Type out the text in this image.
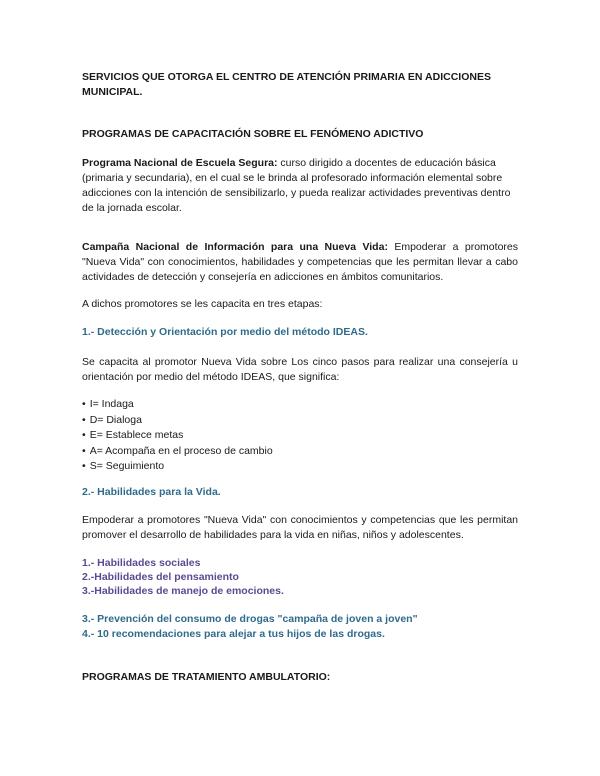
SERVICIOS QUE OTORGA EL CENTRO DE ATENCIÓN PRIMARIA EN ADICCIONES MUNICIPAL.

PROGRAMAS DE CAPACITACIÓN SOBRE EL FENÓMENO ADICTIVO

Programa Nacional de Escuela Segura: curso dirigido a docentes de educación básica (primaria y secundaria), en el cual se le brinda al profesorado información elemental sobre adicciones con la intención de sensibilizarlo, y pueda realizar actividades preventivas dentro de la jornada escolar.

Campaña Nacional de Información para una Nueva Vida: Empoderar a promotores "Nueva Vida" con conocimientos, habilidades y competencias que les permitan llevar a cabo actividades de detección y consejería en adicciones en ámbitos comunitarios.

A dichos promotores se les capacita en tres etapas:

1.- Detección y Orientación por medio del método IDEAS.

Se capacita al promotor Nueva Vida sobre Los cinco pasos para realizar una consejería u orientación por medio del método IDEAS, que significa:

• I= Indaga
• D= Dialoga
• E= Establece metas
• A= Acompaña en el proceso de cambio
• S= Seguimiento

2.- Habilidades para la Vida.

Empoderar a promotores "Nueva Vida" con conocimientos y competencias que les permitan promover el desarrollo de habilidades para la vida en niñas, niños y adolescentes.

1.- Habilidades sociales

2.-Habilidades del pensamiento

3.-Habilidades de manejo de emociones.

3.- Prevención del consumo de drogas "campaña de joven a joven"

4.- 10 recomendaciones para alejar a tus hijos de las drogas.

PROGRAMAS DE TRATAMIENTO AMBULATORIO:
